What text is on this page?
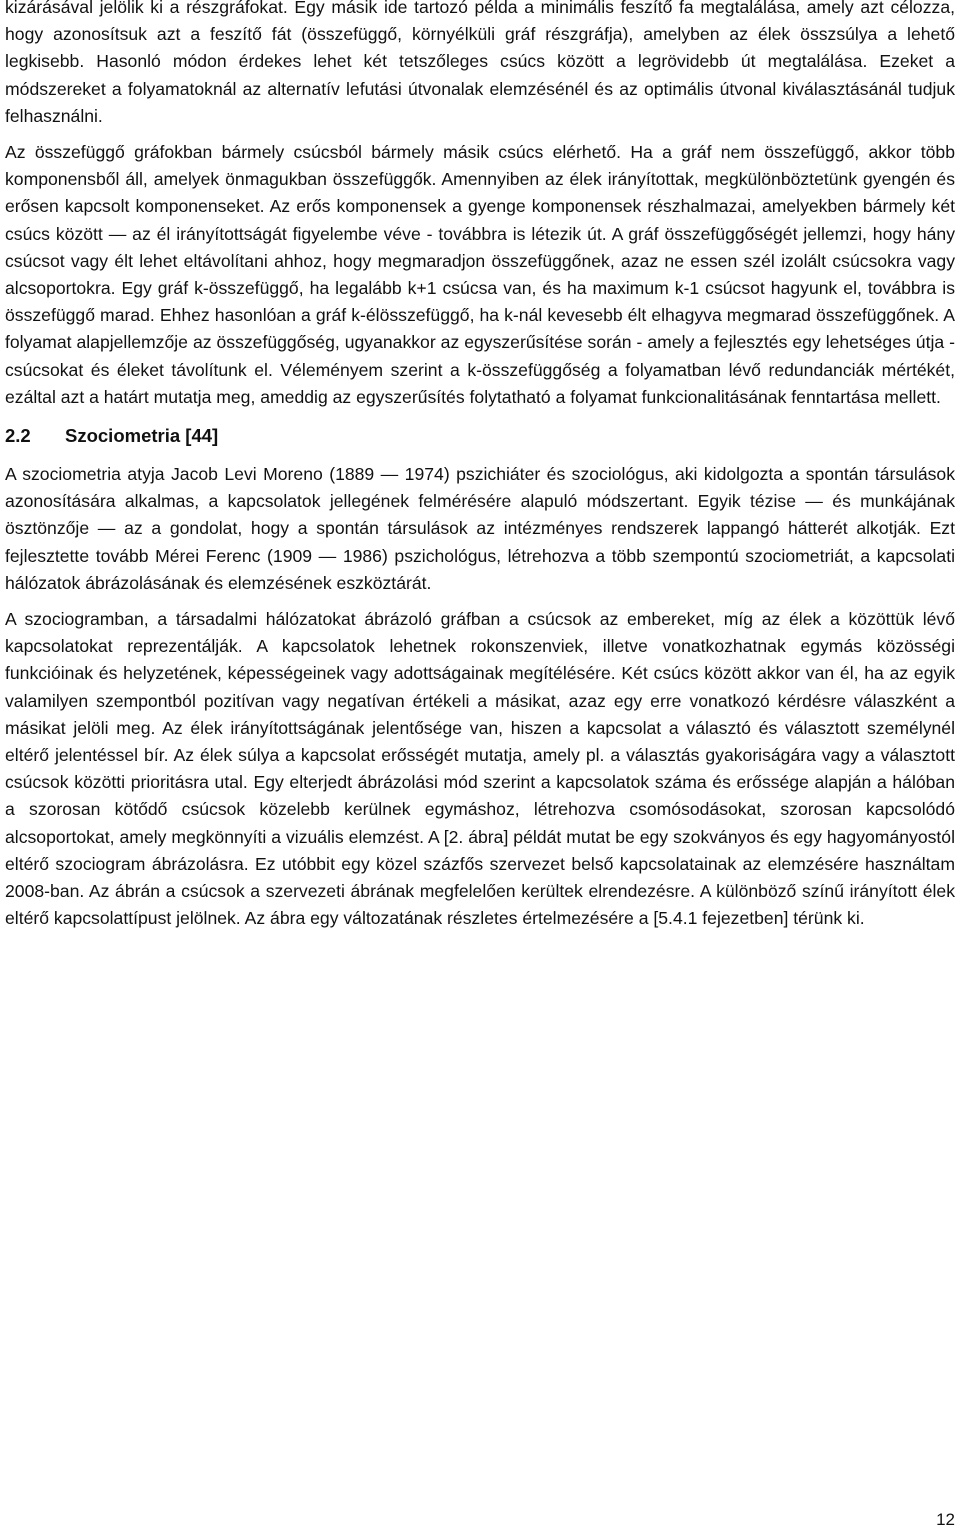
kizárásával jelölik ki a részgráfokat. Egy másik ide tartozó példa a minimális feszítő fa megtalálása, amely azt célozza, hogy azonosítsuk azt a feszítő fát (összefüggő, környélküli gráf részgráfja), amelyben az élek összsúlya a lehető legkisebb. Hasonló módon érdekes lehet két tetszőleges csúcs között a legrövidebb út megtalálása. Ezeket a módszereket a folyamatoknál az alternatív lefutási útvonalak elemzésénél és az optimális útvonal kiválasztásánál tudjuk felhasználni.

Az összefüggő gráfokban bármely csúcsból bármely másik csúcs elérhető. Ha a gráf nem összefüggő, akkor több komponensből áll, amelyek önmagukban összefüggők. Amennyiben az élek irányítottak, megkülönböztetünk gyengén és erősen kapcsolt komponenseket. Az erős komponensek a gyenge komponensek részhalmazai, amelyekben bármely két csúcs között — az él irányítottságát figyelembe véve - továbbra is létezik út. A gráf összefüggőségét jellemzi, hogy hány csúcsot vagy élt lehet eltávolítani ahhoz, hogy megmaradjon összefüggőnek, azaz ne essen szél izolált csúcsokra vagy alcsoportokra. Egy gráf k-összefüggő, ha legalább k+1 csúcsa van, és ha maximum k-1 csúcsot hagyunk el, továbbra is összefüggő marad. Ehhez hasonlóan a gráf k-élösszefüggő, ha k-nál kevesebb élt elhagyva megmarad összefüggőnek. A folyamat alapjellemzője az összefüggőség, ugyanakkor az egyszerűsítése során - amely a fejlesztés egy lehetséges útja - csúcsokat és éleket távolítunk el. Véleményem szerint a k-összefüggőség a folyamatban lévő redundanciák mértékét, ezáltal azt a határt mutatja meg, ameddig az egyszerűsítés folytatható a folyamat funkcionalitásának fenntartása mellett.

2.2 Szociometria [44]

A szociometria atyja Jacob Levi Moreno (1889 — 1974) pszichiáter és szociológus, aki kidolgozta a spontán társulások azonosítására alkalmas, a kapcsolatok jellegének felmérésére alapuló módszertant. Egyik tézise — és munkájának ösztönzője — az a gondolat, hogy a spontán társulások az intézményes rendszerek lappangó hátterét alkotják. Ezt fejlesztette tovább Mérei Ferenc (1909 — 1986) pszichológus, létrehozva a több szempontú szociometriát, a kapcsolati hálózatok ábrázolásának és elemzésének eszköztárát.

A szociogramban, a társadalmi hálózatokat ábrázoló gráfban a csúcsok az embereket, míg az élek a közöttük lévő kapcsolatokat reprezentálják. A kapcsolatok lehetnek rokonszenviek, illetve vonatkozhatnak egymás közösségi funkcióinak és helyzetének, képességeinek vagy adottságainak megítélésére. Két csúcs között akkor van él, ha az egyik valamilyen szempontból pozitívan vagy negatívan értékeli a másikat, azaz egy erre vonatkozó kérdésre válaszként a másikat jelöli meg. Az élek irányítottságának jelentősége van, hiszen a kapcsolat a választó és választott személynél eltérő jelentéssel bír. Az élek súlya a kapcsolat erősségét mutatja, amely pl. a választás gyakoriságára vagy a választott csúcsok közötti prioritásra utal. Egy elterjedt ábrázolási mód szerint a kapcsolatok száma és erőssége alapján a hálóban a szorosan kötődő csúcsok közelebb kerülnek egymáshoz, létrehozva csomósodásokat, szorosan kapcsolódó alcsoportokat, amely megkönnyíti a vizuális elemzést. A [2. ábra] példát mutat be egy szokványos és egy hagyományostól eltérő szociogram ábrázolásra. Ez utóbbit egy közel százfős szervezet belső kapcsolatainak az elemzésére használtam 2008-ban. Az ábrán a csúcsok a szervezeti ábrának megfelelően kerültek elrendezésre. A különböző színű irányított élek eltérő kapcsolattípust jelölnek. Az ábra egy változatának részletes értelmezésére a [5.4.1 fejezetben] térünk ki.

12
